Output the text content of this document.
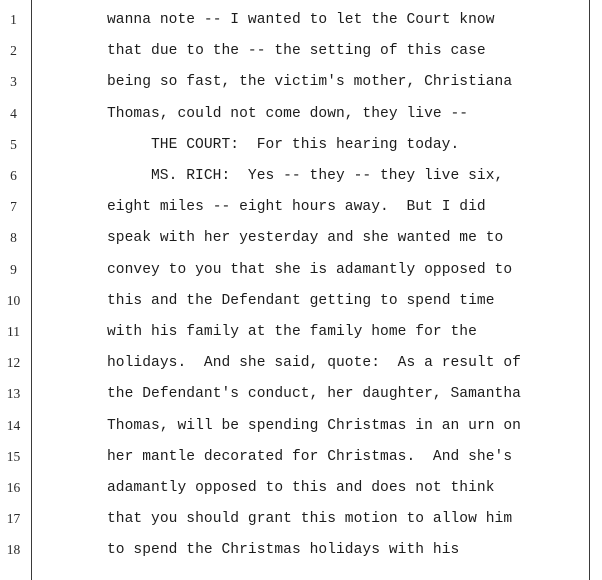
1	wanna note -- I wanted to let the Court know
2	that due to the -- the setting of this case
3	being so fast, the victim's mother, Christiana
4	Thomas, could not come down, they live --
5	THE COURT:  For this hearing today.
6	MS. RICH:  Yes -- they -- they live six,
7	eight miles -- eight hours away.  But I did
8	speak with her yesterday and she wanted me to
9	convey to you that she is adamantly opposed to
10	this and the Defendant getting to spend time
11	with his family at the family home for the
12	holidays.  And she said, quote:  As a result of
13	the Defendant's conduct, her daughter, Samantha
14	Thomas, will be spending Christmas in an urn on
15	her mantle decorated for Christmas.  And she's
16	adamantly opposed to this and does not think
17	that you should grant this motion to allow him
18	to spend the Christmas holidays with his
